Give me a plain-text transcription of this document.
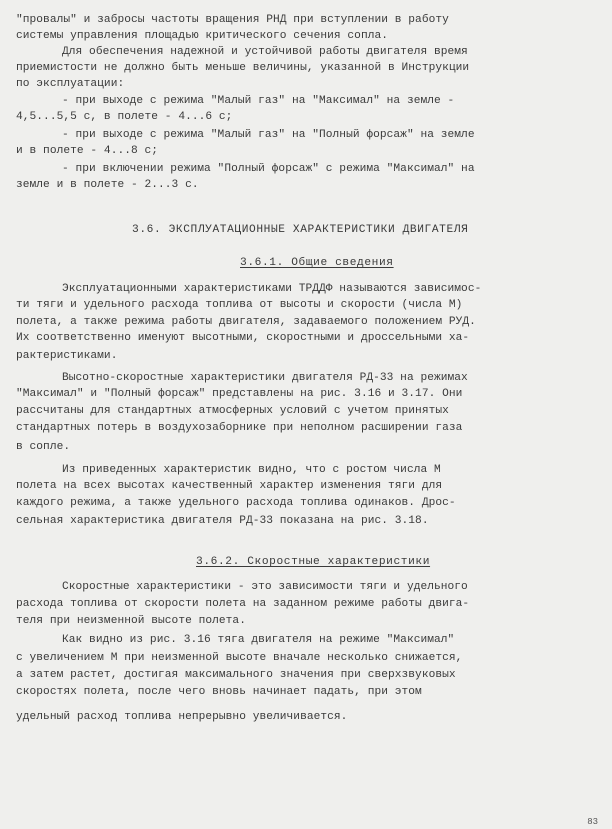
"провалы" и забросы частоты вращения РНД при вступлении в работу
системы управления площадью критического сечения сопла.
Для обеспечения надежной и устойчивой работы двигателя время
приемистости не должно быть меньше величины, указанной в Инструкции
по эксплуатации:
- при выходе с режима "Малый газ" на "Максимал" на земле -
4,5...5,5 с, в полете - 4...6 с;
- при выходе с режима "Малый газ" на "Полный форсаж" на земле
и в полете - 4...8 с;
- при включении режима "Полный форсаж" с режима "Максимал" на
земле и в полете - 2...3 с.
3.6. ЭКСПЛУАТАЦИОННЫЕ ХАРАКТЕРИСТИКИ ДВИГАТЕЛЯ
3.6.1. Общие сведения
Эксплуатационными характеристиками ТРДДФ называются зависимос-
ти тяги и удельного расхода топлива от высоты и скорости (числа М)
полета, а также режима работы двигателя, задаваемого положением РУД.
Их соответственно именуют высотными, скоростными и дроссельными ха-
рактеристиками.
Высотно-скоростные характеристики двигателя РД-33 на режимах
"Максимал" и "Полный форсаж" представлены на рис. 3.16 и 3.17. Они
рассчитаны для стандартных атмосферных условий с учетом принятых
стандартных потерь в воздухозаборнике при неполном расширении газа
в сопле.
Из приведенных характеристик видно, что с ростом числа М
полета на всех высотах качественный характер изменения тяги для
каждого режима, а также удельного расхода топлива одинаков. Дрос-
сельная характеристика двигателя РД-33 показана на рис. 3.18.
3.6.2. Скоростные характеристики
Скоростные характеристики - это зависимости тяги и удельного
расхода топлива от скорости полета на заданном режиме работы двига-
теля при неизменной высоте полета.
Как видно из рис. 3.16 тяга двигателя на режиме "Максимал"
с увеличением М при неизменной высоте вначале несколько снижается,
а затем растет, достигая максимального значения при сверхзвуковых
скоростях полета, после чего вновь начинает падать, при этом
удельный расход топлива непрерывно увеличивается.
83
